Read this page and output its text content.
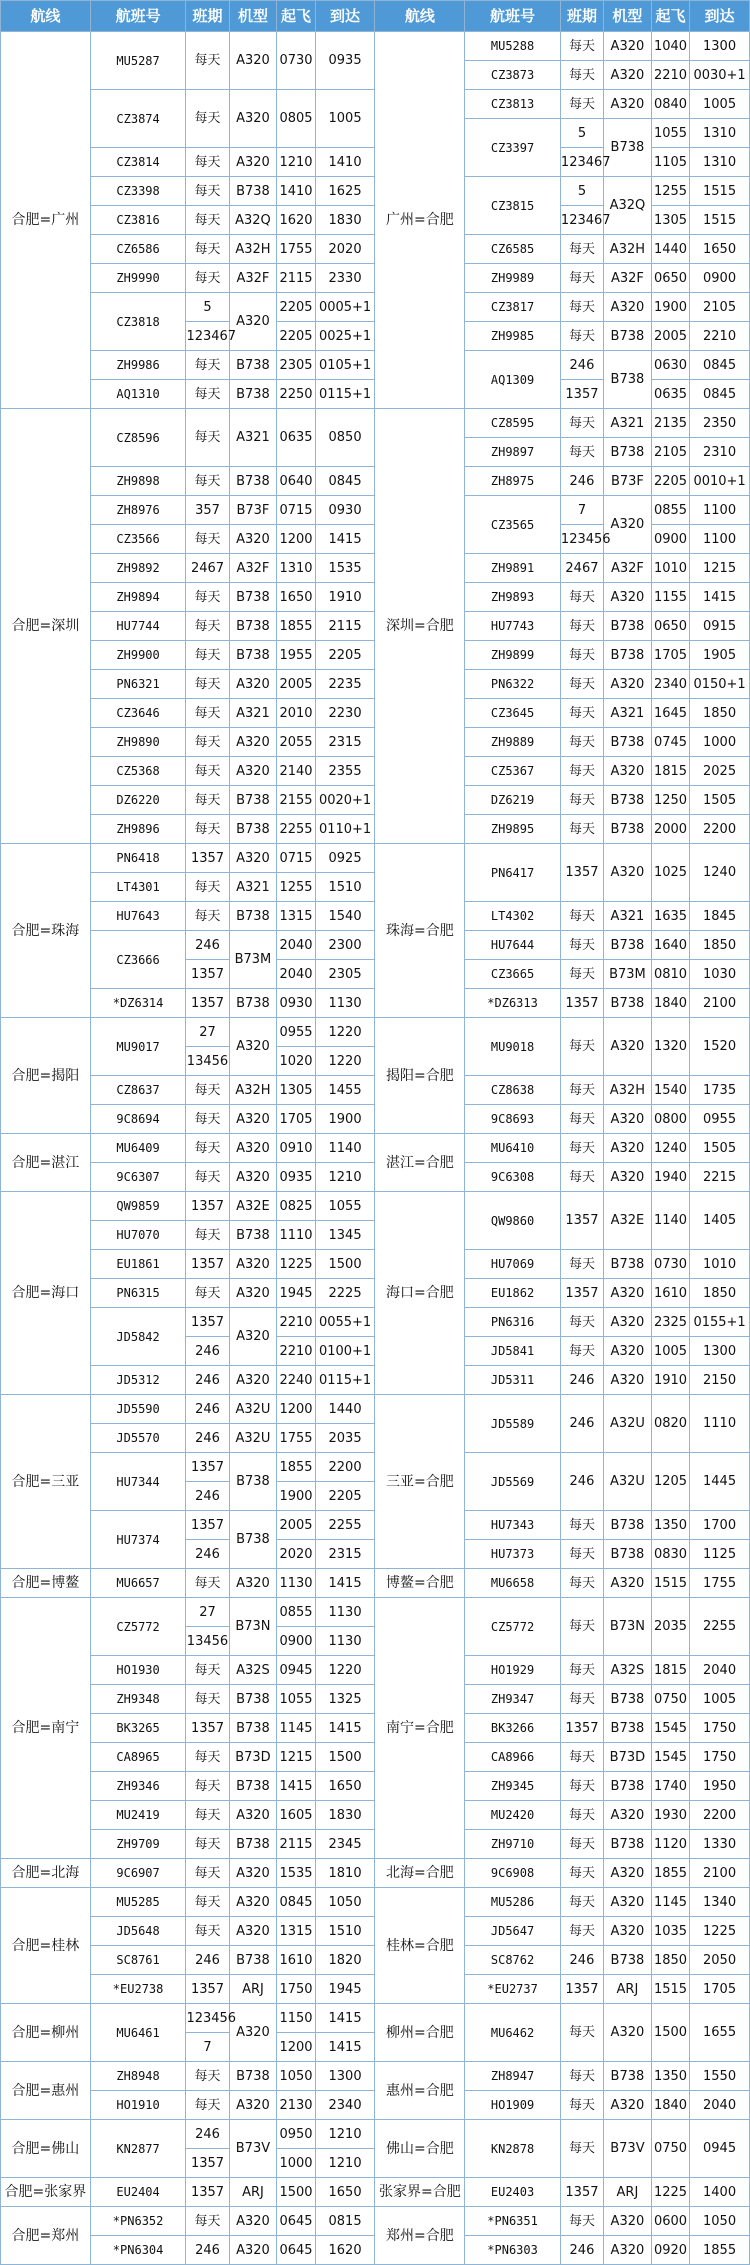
航线	航班号	班期	机型	起飞	到达	航线	航班号	班期	机型	起飞	到达
合肥=广州	MU5287	每天	A320	0730	0935	广州=合肥	MU5288	每天	A320	1040	1300
							CZ3873	每天	A320	2210	0030+1
	CZ3874	每天	A320	0805	1005		CZ3813	每天	A320	0840	1005
							CZ3397	5	B738	1055	1310
	CZ3814	每天	A320	1210	1410			123467		1105	1310
	CZ3398	每天	B738	1410	1625		CZ3815	5	A32Q	1255	1515
	CZ3816	每天	A32Q	1620	1830			123467		1305	1515
	CZ6586	每天	A32H	1755	2020		CZ6585	每天	A32H	1440	1650
	ZH9990	每天	A32F	2115	2330		ZH9989	每天	A32F	0650	0900
	CZ3818	5	A320	2205	0005+1		CZ3817	每天	A320	1900	2105
		123467		2205	0025+1		ZH9985	每天	B738	2005	2210
	ZH9986	每天	B738	2305	0105+1		AQ1309	246	B738	0630	0845
	AQ1310	每天	B738	2250	0115+1			1357		0635	0845
合肥=深圳	CZ8596	每天	A321	0635	0850	深圳=合肥	CZ8595	每天	A321	2135	2350
							ZH9897	每天	B738	2105	2310
	ZH9898	每天	B738	0640	0845		ZH8975	246	B73F	2205	0010+1
	ZH8976	357	B73F	0715	0930		CZ3565	7	A320	0855	1100
	CZ3566	每天	A320	1200	1415			123456		0900	1100
	ZH9892	2467	A32F	1310	1535		ZH9891	2467	A32F	1010	1215
	ZH9894	每天	B738	1650	1910		ZH9893	每天	A320	1155	1415
	HU7744	每天	B738	1855	2115		HU7743	每天	B738	0650	0915
	ZH9900	每天	B738	1955	2205		ZH9899	每天	B738	1705	1905
	PN6321	每天	A320	2005	2235		PN6322	每天	A320	2340	0150+1
	CZ3646	每天	A321	2010	2230		CZ3645	每天	A321	1645	1850
	ZH9890	每天	A320	2055	2315		ZH9889	每天	B738	0745	1000
	CZ5368	每天	A320	2140	2355		CZ5367	每天	A320	1815	2025
	DZ6220	每天	B738	2155	0020+1		DZ6219	每天	B738	1250	1505
	ZH9896	每天	B738	2255	0110+1		ZH9895	每天	B738	2000	2200
合肥=珠海	PN6418	1357	A320	0715	0925	珠海=合肥	PN6417	1357	A320	1025	1240
	LT4301	每天	A321	1255	1510						
	HU7643	每天	B738	1315	1540		LT4302	每天	A321	1635	1845
	CZ3666	246	B73M	2040	2300		HU7644	每天	B738	1640	1850
		1357		2040	2305		CZ3665	每天	B73M	0810	1030
	*DZ6314	1357	B738	0930	1130		*DZ6313	1357	B738	1840	2100
合肥=揭阳	MU9017	27	A320	0955	1220	揭阳=合肥	MU9018	每天	A320	1320	1520
		13456		1020	1220						
	CZ8637	每天	A32H	1305	1455		CZ8638	每天	A32H	1540	1735
	9C8694	每天	A320	1705	1900		9C8693	每天	A320	0800	0955
合肥=湛江	MU6409	每天	A320	0910	1140	湛江=合肥	MU6410	每天	A320	1240	1505
	9C6307	每天	A320	0935	1210		9C6308	每天	A320	1940	2215
合肥=海口	QW9859	1357	A32E	0825	1055	海口=合肥	QW9860	1357	A32E	1140	1405
	HU7070	每天	B738	1110	1345						
	EU1861	1357	A320	1225	1500		HU7069	每天	B738	0730	1010
	PN6315	每天	A320	1945	2225		EU1862	1357	A320	1610	1850
	JD5842	1357	A320	2210	0055+1		PN6316	每天	A320	2325	0155+1
		246		2210	0100+1		JD5841	每天	A320	1005	1300
	JD5312	246	A320	2240	0115+1		JD5311	246	A320	1910	2150
合肥=三亚	JD5590	246	A32U	1200	1440	三亚=合肥	JD5589	246	A32U	0820	1110
	JD5570	246	A32U	1755	2035						
	HU7344	1357	B738	1855	2200		JD5569	246	A32U	1205	1445
		246		1900	2205						
	HU7374	1357	B738	2005	2255		HU7343	每天	B738	1350	1700
		246		2020	2315		HU7373	每天	B738	0830	1125
合肥=博鳌	MU6657	每天	A320	1130	1415	博鳌=合肥	MU6658	每天	A320	1515	1755
合肥=南宁	CZ5772	27	B73N	0855	1130	南宁=合肥	CZ5772	每天	B73N	2035	2255
		13456		0900	1130						
	HO1930	每天	A32S	0945	1220		HO1929	每天	A32S	1815	2040
	ZH9348	每天	B738	1055	1325		ZH9347	每天	B738	0750	1005
	BK3265	1357	B738	1145	1415		BK3266	1357	B738	1545	1750
	CA8965	每天	B73D	1215	1500		CA8966	每天	B73D	1545	1750
	ZH9346	每天	B738	1415	1650		ZH9345	每天	B738	1740	1950
	MU2419	每天	A320	1605	1830		MU2420	每天	A320	1930	2200
	ZH9709	每天	B738	2115	2345		ZH9710	每天	B738	1120	1330
合肥=北海	9C6907	每天	A320	1535	1810	北海=合肥	9C6908	每天	A320	1855	2100
合肥=桂林	MU5285	每天	A320	0845	1050	桂林=合肥	MU5286	每天	A320	1145	1340
	JD5648	每天	A320	1315	1510		JD5647	每天	A320	1035	1225
	SC8761	246	B738	1610	1820		SC8762	246	B738	1850	2050
	*EU2738	1357	ARJ	1750	1945		*EU2737	1357	ARJ	1515	1705
合肥=柳州	MU6461	123456	A320	1150	1415	柳州=合肥	MU6462	每天	A320	1500	1655
		7		1200	1415						
合肥=惠州	ZH8948	每天	B738	1050	1300	惠州=合肥	ZH8947	每天	B738	1350	1550
	HO1910	每天	A320	2130	2340		HO1909	每天	A320	1840	2040
合肥=佛山	KN2877	246	B73V	0950	1210	佛山=合肥	KN2878	每天	B73V	0750	0945
		1357		1000	1210						
合肥=张家界	EU2404	1357	ARJ	1500	1650	张家界=合肥	EU2403	1357	ARJ	1225	1400
合肥=郑州	*PN6352	每天	A320	0645	0815	郑州=合肥	*PN6351	每天	A320	0600	1050
	*PN6304	246	A320	0645	1620		*PN6303	246	A320	0920	1855
